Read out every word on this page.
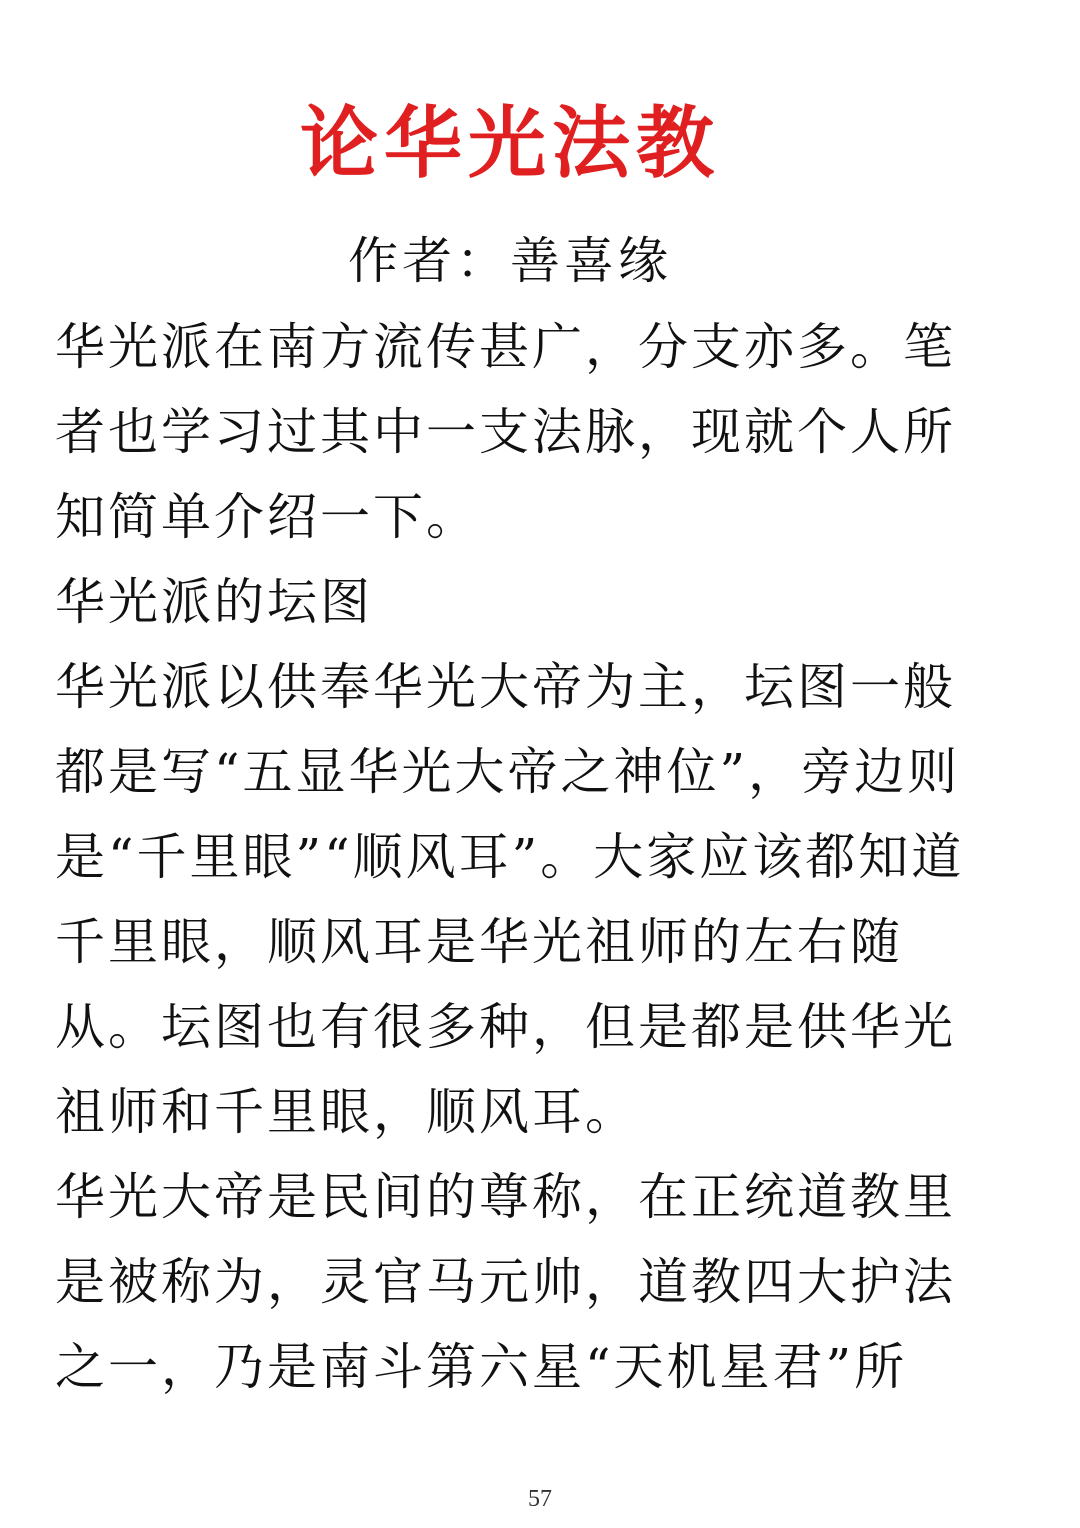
论华光法教
作者：善喜缘

华光派在南方流传甚广，分支亦多。笔者也学习过其中一支法脉，现就个人所知简单介绍一下。

华光派的坛图

华光派以供奉华光大帝为主，坛图一般都是写“五显华光大帝之神位”，旁边则是“千里眼”“顺风耳”。大家应该都知道千里眼，顺风耳是华光祖师的左右随从。坛图也有很多种，但是都是供华光祖师和千里眼，顺风耳。

华光大帝是民间的尊称，在正统道教里是被称为，灵官马元帅，道教四大护法之一，乃是南斗第六星“天机星君”所

57
